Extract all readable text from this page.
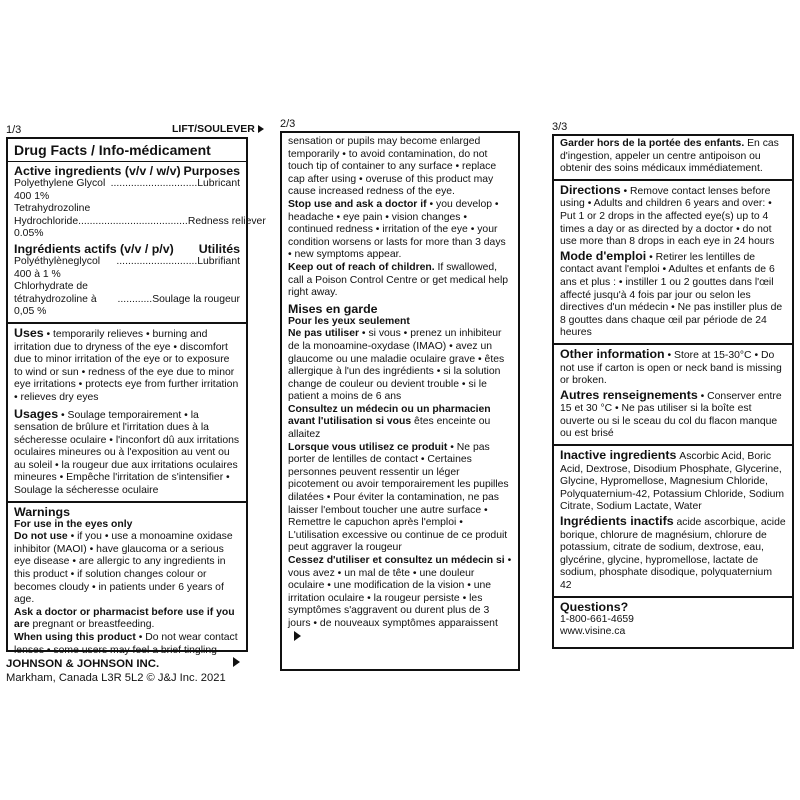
1/3	LIFT/SOULEVER
Drug Facts / Info-médicament
Active ingredients (v/v / w/v) Purposes
Polyethylene Glycol 400 1%
.............................. Lubricant
Tetrahydrozoline
Hydrochloride 0.05%
...................................... Redness reliever
Ingrédients actifs (v/v / p/v) Utilités
Polyéthylèneglycol 400 à 1 %
............................ Lubrifiant
Chlorhydrate de
tétrahydrozoline à 0,05 %
............ Soulage la rougeur

Uses • temporarily relieves • burning and irritation due to dryness of the eye • discomfort due to minor irritation of the eye or to exposure to wind or sun • redness of the eye due to minor eye irritations • protects eye from further irritation • relieves dry eyes

Usages • Soulage temporairement • la sensation de brûlure et l'irritation dues à la sécheresse oculaire • l'inconfort dû aux irritations oculaires mineures ou à l'exposition au vent ou au soleil • la rougeur due aux irritations oculaires mineures • Empêche l'irritation de s'intensifier • Soulage la sécheresse oculaire

Warnings

For use in the eyes only

Do not use • if you • use a monoamine oxidase inhibitor (MAOI) • have glaucoma or a serious eye disease • are allergic to any ingredients in this product • if solution changes colour or becomes cloudy • in patients under 6 years of age.

Ask a doctor or pharmacist before use if you are pregnant or breastfeeding.

When using this product • Do not wear contact lenses • some users may feel a brief tingling

JOHNSON & JOHNSON INC.
Markham, Canada L3R 5L2 © J&J Inc. 2021
2/3

sensation or pupils may become enlarged temporarily • to avoid contamination, do not touch tip of container to any surface • replace cap after using • overuse of this product may cause increased redness of the eye.

Stop use and ask a doctor if • you develop • headache • eye pain • vision changes • continued redness • irritation of the eye • your condition worsens or lasts for more than 3 days • new symptoms appear.

Keep out of reach of children. If swallowed, call a Poison Control Centre or get medical help right away.

Mises en garde

Pour les yeux seulement

Ne pas utiliser • si vous • prenez un inhibiteur de la monoamine-oxydase (IMAO) • avez un glaucome ou une maladie oculaire grave • êtes allergique à l'un des ingrédients • si la solution change de couleur ou devient trouble • si le patient a moins de 6 ans

Consultez un médecin ou un pharmacien avant l'utilisation si vous êtes enceinte ou allaitez

Lorsque vous utilisez ce produit • Ne pas porter de lentilles de contact • Certaines personnes peuvent ressentir un léger picotement ou avoir temporairement les pupilles dilatées • Pour éviter la contamination, ne pas laisser l'embout toucher une autre surface • Remettre le capuchon après l'emploi • L'utilisation excessive ou continue de ce produit peut aggraver la rougeur

Cessez d'utiliser et consultez un médecin si • vous avez • un mal de tête • une douleur oculaire • une modification de la vision • une irritation oculaire • la rougeur persiste • les symptômes s'aggravent ou durent plus de 3 jours • de nouveaux symptômes apparaissent

3/3

Garder hors de la portée des enfants. En cas d'ingestion, appeler un centre antipoison ou obtenir des soins médicaux immédiatement.

Directions • Remove contact lenses before using • Adults and children 6 years and over: • Put 1 or 2 drops in the affected eye(s) up to 4 times a day or as directed by a doctor • do not use more than 8 drops in each eye in 24 hours

Mode d'emploi • Retirer les lentilles de contact avant l'emploi • Adultes et enfants de 6 ans et plus : • instiller 1 ou 2 gouttes dans l'œil affecté jusqu'à 4 fois par jour ou selon les directives d'un médecin • Ne pas instiller plus de 8 gouttes dans chaque œil par période de 24 heures

Other information • Store at 15-30°C • Do not use if carton is open or neck band is missing or broken.

Autres renseignements • Conserver entre 15 et 30 °C • Ne pas utiliser si la boîte est ouverte ou si le sceau du col du flacon manque ou est brisé

Inactive ingredients Ascorbic Acid, Boric Acid, Dextrose, Disodium Phosphate, Glycerine, Glycine, Hypromellose, Magnesium Chloride, Polyquaternium-42, Potassium Chloride, Sodium Citrate, Sodium Lactate, Water

Ingrédients inactifs acide ascorbique, acide borique, chlorure de magnésium, chlorure de potassium, citrate de sodium, dextrose, eau, glycérine, glycine, hypromellose, lactate de sodium, phosphate disodique, polyquaternium 42

Questions?

1-800-661-4659

www.visine.ca
